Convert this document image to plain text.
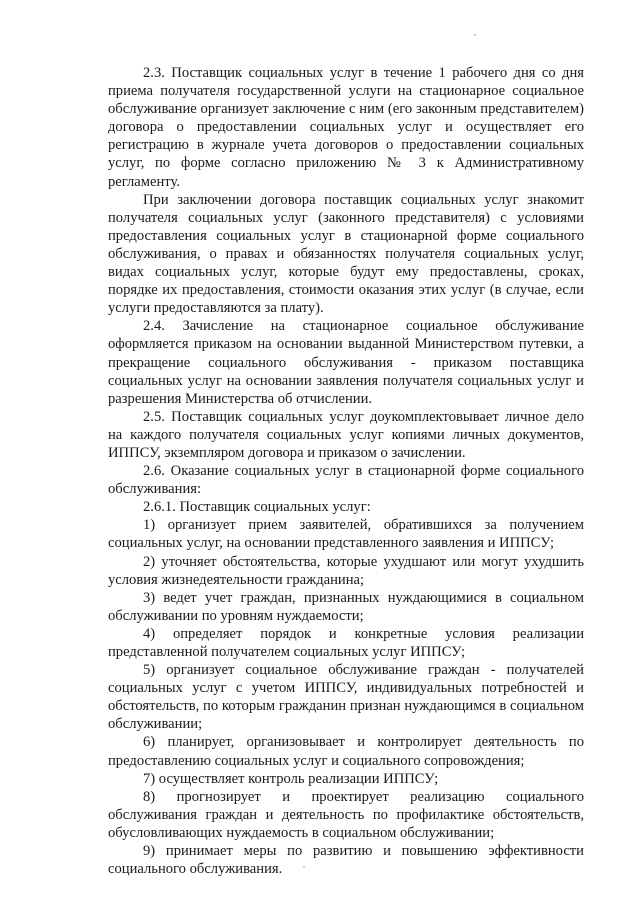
2.3. Поставщик социальных услуг в течение 1 рабочего дня со дня приема получателя государственной услуги на стационарное социальное обслуживание организует заключение с ним (его законным представителем) договора о предоставлении социальных услуг и осуществляет его регистрацию в журнале учета договоров о предоставлении социальных услуг, по форме согласно приложению № 3 к Административному регламенту.

При заключении договора поставщик социальных услуг знакомит получателя социальных услуг (законного представителя) с условиями предоставления социальных услуг в стационарной форме социального обслуживания, о правах и обязанностях получателя социальных услуг, видах социальных услуг, которые будут ему предоставлены, сроках, порядке их предоставления, стоимости оказания этих услуг (в случае, если услуги предоставляются за плату).

2.4. Зачисление на стационарное социальное обслуживание оформляется приказом на основании выданной Министерством путевки, а прекращение социального обслуживания - приказом поставщика социальных услуг на основании заявления получателя социальных услуг и разрешения Министерства об отчислении.

2.5. Поставщик социальных услуг доукомплектовывает личное дело на каждого получателя социальных услуг копиями личных документов, ИППСУ, экземпляром договора и приказом о зачислении.

2.6. Оказание социальных услуг в стационарной форме социального обслуживания:

2.6.1. Поставщик социальных услуг:

1) организует прием заявителей, обратившихся за получением социальных услуг, на основании представленного заявления и ИППСУ;

2) уточняет обстоятельства, которые ухудшают или могут ухудшить условия жизнедеятельности гражданина;

3) ведет учет граждан, признанных нуждающимися в социальном обслуживании по уровням нуждаемости;

4) определяет порядок и конкретные условия реализации представленной получателем социальных услуг ИППСУ;

5) организует социальное обслуживание граждан - получателей социальных услуг с учетом ИППСУ, индивидуальных потребностей и обстоятельств, по которым гражданин признан нуждающимся в социальном обслуживании;

6) планирует, организовывает и контролирует деятельность по предоставлению социальных услуг и социального сопровождения;

7) осуществляет контроль реализации ИППСУ;

8) прогнозирует и проектирует реализацию социального обслуживания граждан и деятельность по профилактике обстоятельств, обусловливающих нуждаемость в социальном обслуживании;

9) принимает меры по развитию и повышению эффективности социального обслуживания.
